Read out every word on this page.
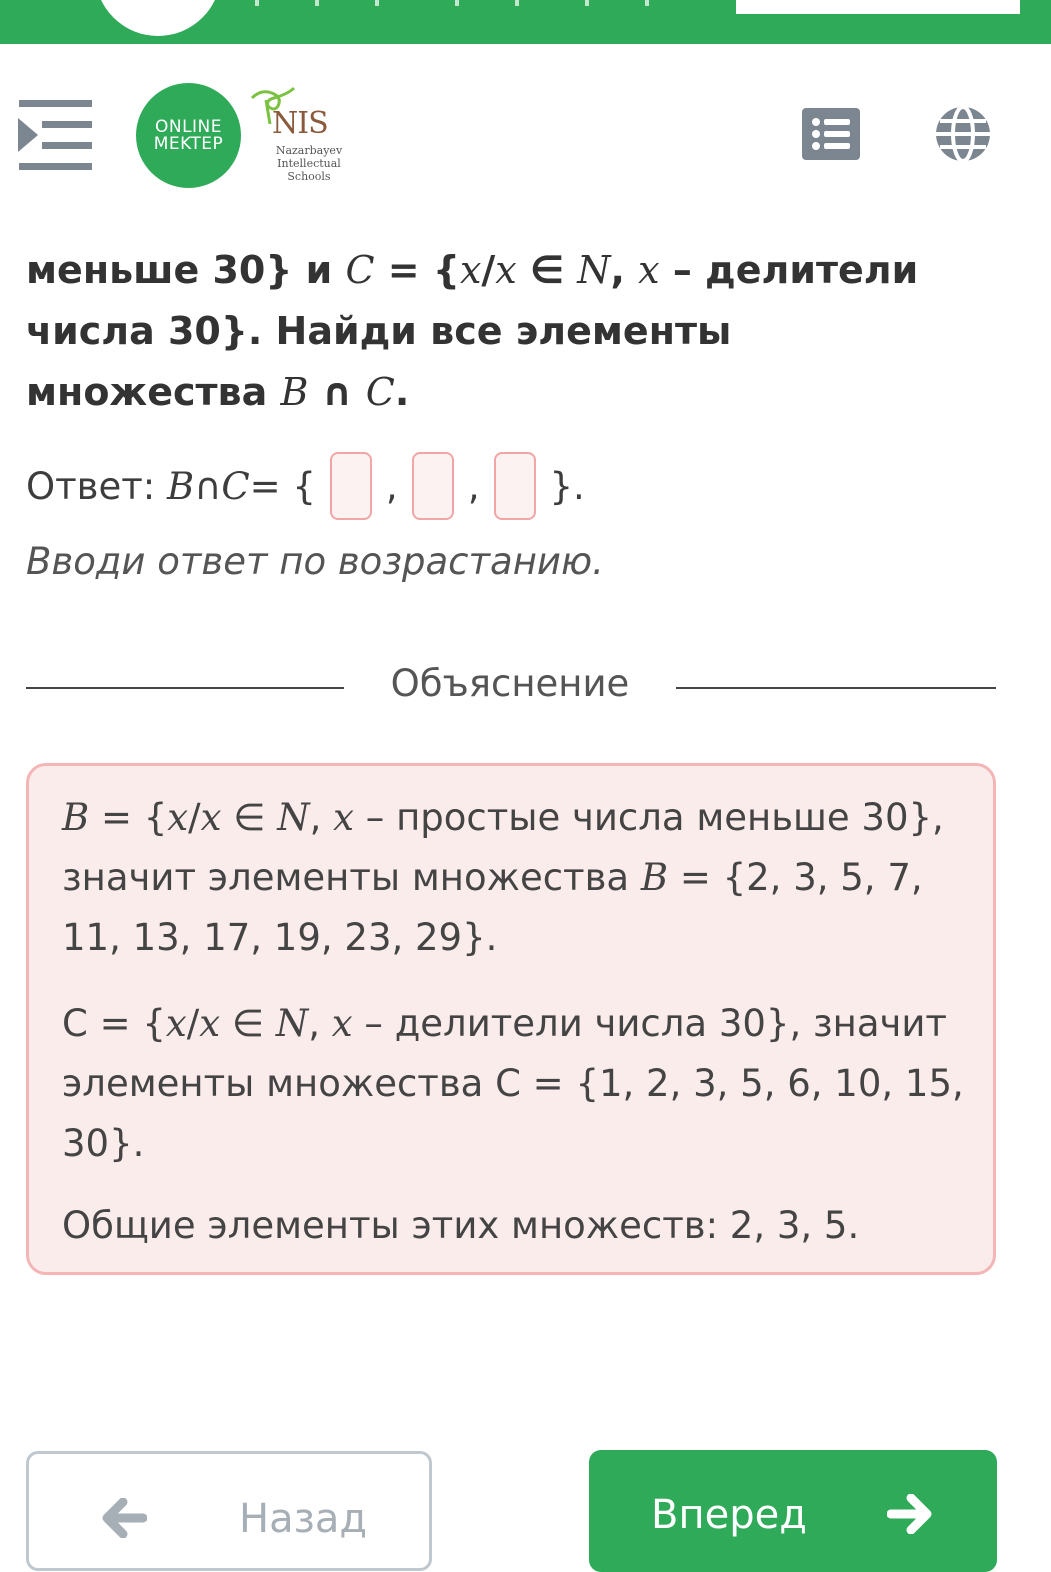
ONLINE
MEKTEP
NIS
Nazarbayev
Intellectual
Schools
меньше 30} и C = {x/x ∈ N, x – делители
числа 30}. Найди все элементы
множества B ∩ C.
Ответ:
B ∩ C = {
	,	,
	}.
Вводи ответ по возрастанию.
Объяснение
B = {x/x ∈ N, x – простые числа меньше 30}, значит элементы множества B = {2, 3, 5, 7, 11, 13, 17, 19, 23, 29}.
C = {x/x ∈ N, x – делители числа 30}, значит элементы множества C = {1, 2, 3, 5, 6, 10, 15, 30}.
Общие элементы этих множеств: 2, 3, 5.
Назад	Вперед
